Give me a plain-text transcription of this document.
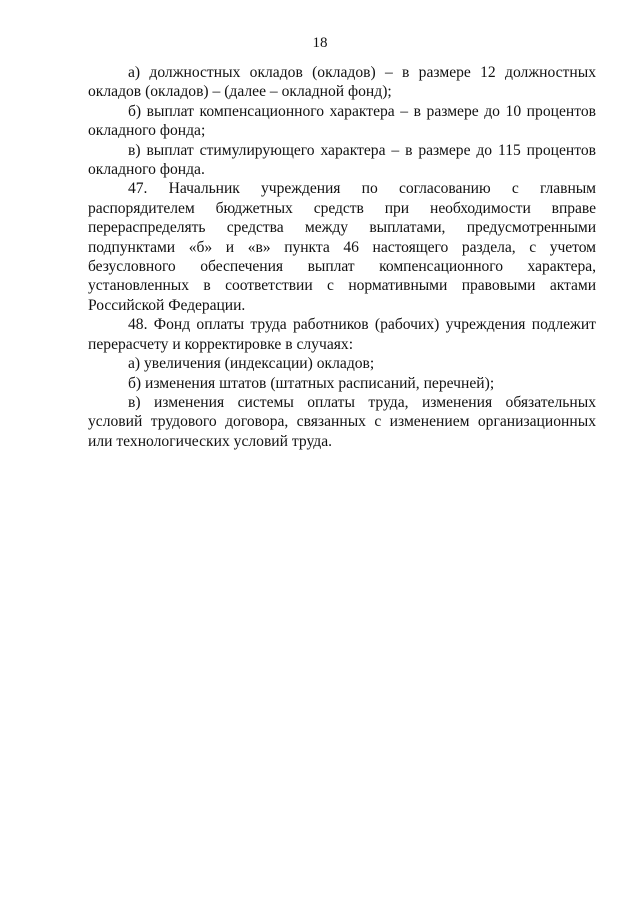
18

а) должностных окладов (окладов) – в размере 12 должностных окладов (окладов) – (далее – окладной фонд);

б) выплат компенсационного характера – в размере до 10 процентов окладного фонда;

в) выплат стимулирующего характера – в размере до 115 процентов окладного фонда.

47. Начальник учреждения по согласованию с главным распорядителем бюджетных средств при необходимости вправе перераспределять средства между выплатами, предусмотренными подпунктами «б» и «в» пункта 46 настоящего раздела, с учетом безусловного обеспечения выплат компенсационного характера, установленных в соответствии с нормативными правовыми актами Российской Федерации.

48. Фонд оплаты труда работников (рабочих) учреждения подлежит перерасчету и корректировке в случаях:

а) увеличения (индексации) окладов;

б) изменения штатов (штатных расписаний, перечней);

в) изменения системы оплаты труда, изменения обязательных условий трудового договора, связанных с изменением организационных или технологических условий труда.
